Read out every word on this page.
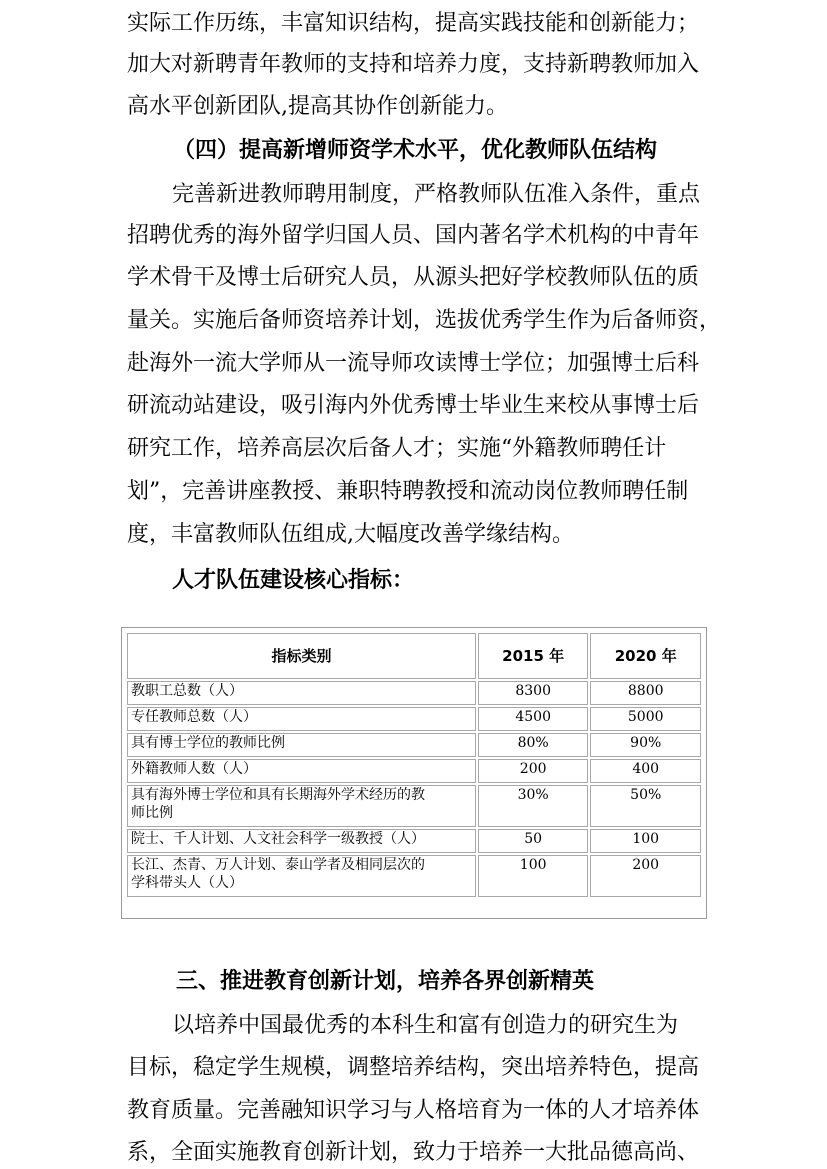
实际工作历练，丰富知识结构，提高实践技能和创新能力；
加大对新聘青年教师的支持和培养力度，支持新聘教师加入
高水平创新团队,提高其协作创新能力。
（四）提高新增师资学术水平，优化教师队伍结构
完善新进教师聘用制度，严格教师队伍准入条件，重点
招聘优秀的海外留学归国人员、国内著名学术机构的中青年
学术骨干及博士后研究人员，从源头把好学校教师队伍的质
量关。实施后备师资培养计划，选拔优秀学生作为后备师资，
赴海外一流大学师从一流导师攻读博士学位；加强博士后科
研流动站建设，吸引海内外优秀博士毕业生来校从事博士后
研究工作，培养高层次后备人才；实施“外籍教师聘任计
划”，完善讲座教授、兼职特聘教授和流动岗位教师聘任制
度，丰富教师队伍组成,大幅度改善学缘结构。
人才队伍建设核心指标：
指标类别	2015 年	2020 年
教职工总数（人）	8300	8800
专任教师总数（人）	4500	5000
具有博士学位的教师比例	80%	90%
外籍教师人数（人）	200	400

具有海外博士学位和具有长期海外学术经历的教
师比例	30%	50%
院士、千人计划、人文社会科学一级教授（人）	50	100

长江、杰青、万人计划、泰山学者及相同层次的
学科带头人（人）	100	200
三、推进教育创新计划，培养各界创新精英
以培养中国最优秀的本科生和富有创造力的研究生为
目标，稳定学生规模，调整培养结构，突出培养特色，提高
教育质量。完善融知识学习与人格培育为一体的人才培养体
系，全面实施教育创新计划，致力于培养一大批品德高尚、
